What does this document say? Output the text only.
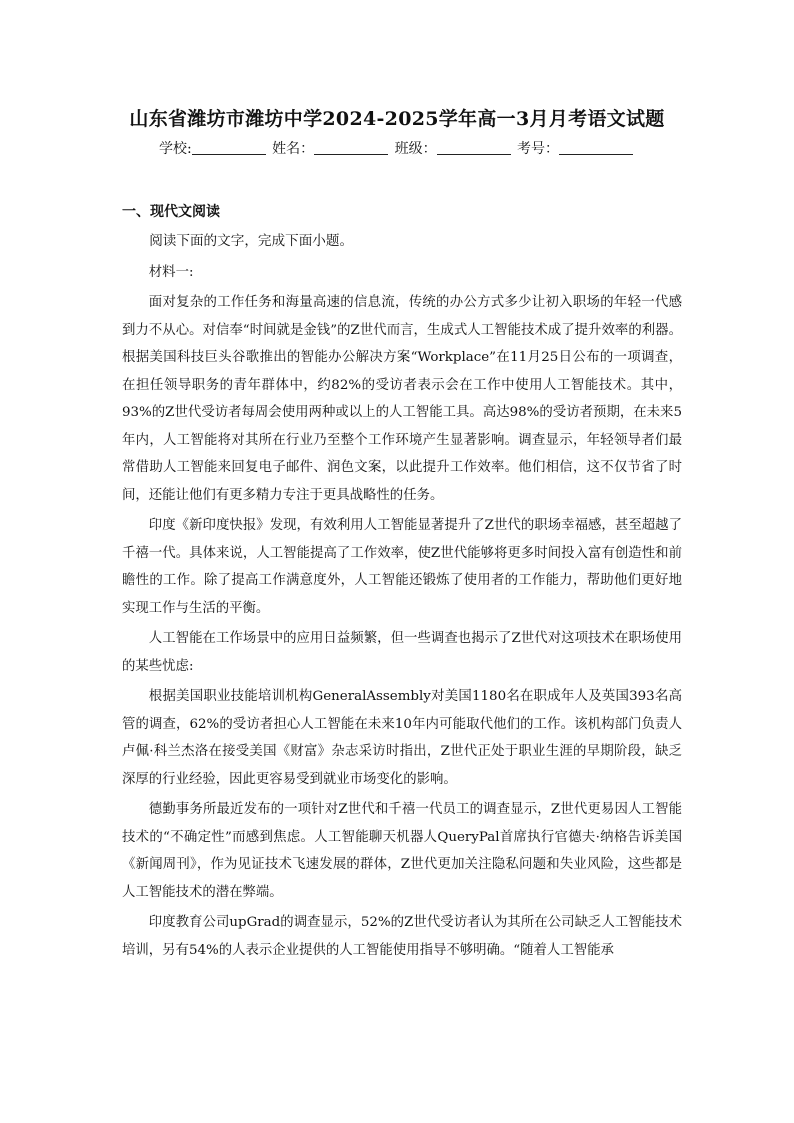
山东省潍坊市潍坊中学2024-2025学年高一3月月考语文试题
学校:	姓名：	班级：	考号：
一、现代文阅读

阅读下面的文字，完成下面小题。

材料一:

面对复杂的工作任务和海量高速的信息流，传统的办公方式多少让初入职场的年轻一代感到力不从心。对信奉“时间就是金钱”的Z世代而言，生成式人工智能技术成了提升效率的利器。根据美国科技巨头谷歌推出的智能办公解决方案“Workplace”在11月25日公布的一项调查，在担任领导职务的青年群体中，约82%的受访者表示会在工作中使用人工智能技术。其中，93%的Z世代受访者每周会使用两种或以上的人工智能工具。高达98%的受访者预期，在未来5年内，人工智能将对其所在行业乃至整个工作环境产生显著影响。调查显示，年轻领导者们最常借助人工智能来回复电子邮件、润色文案，以此提升工作效率。他们相信，这不仅节省了时间，还能让他们有更多精力专注于更具战略性的任务。

印度《新印度快报》发现，有效利用人工智能显著提升了Z世代的职场幸福感，甚至超越了千禧一代。具体来说，人工智能提高了工作效率，使Z世代能够将更多时间投入富有创造性和前瞻性的工作。除了提高工作满意度外，人工智能还锻炼了使用者的工作能力，帮助他们更好地实现工作与生活的平衡。

人工智能在工作场景中的应用日益频繁，但一些调查也揭示了Z世代对这项技术在职场使用的某些忧虑:

根据美国职业技能培训机构GeneralAssembly对美国1180名在职成年人及英国393名高管的调查，62%的受访者担心人工智能在未来10年内可能取代他们的工作。该机构部门负责人卢佩·科兰杰洛在接受美国《财富》杂志采访时指出，Z世代正处于职业生涯的早期阶段，缺乏深厚的行业经验，因此更容易受到就业市场变化的影响。

德勤事务所最近发布的一项针对Z世代和千禧一代员工的调查显示，Z世代更易因人工智能技术的“不确定性”而感到焦虑。人工智能聊天机器人QueryPal首席执行官德夫·纳格告诉美国《新闻周刊》，作为见证技术飞速发展的群体，Z世代更加关注隐私问题和失业风险，这些都是人工智能技术的潜在弊端。

印度教育公司upGrad的调查显示，52%的Z世代受访者认为其所在公司缺乏人工智能技术培训，另有54%的人表示企业提供的人工智能使用指导不够明确。“随着人工智能承
